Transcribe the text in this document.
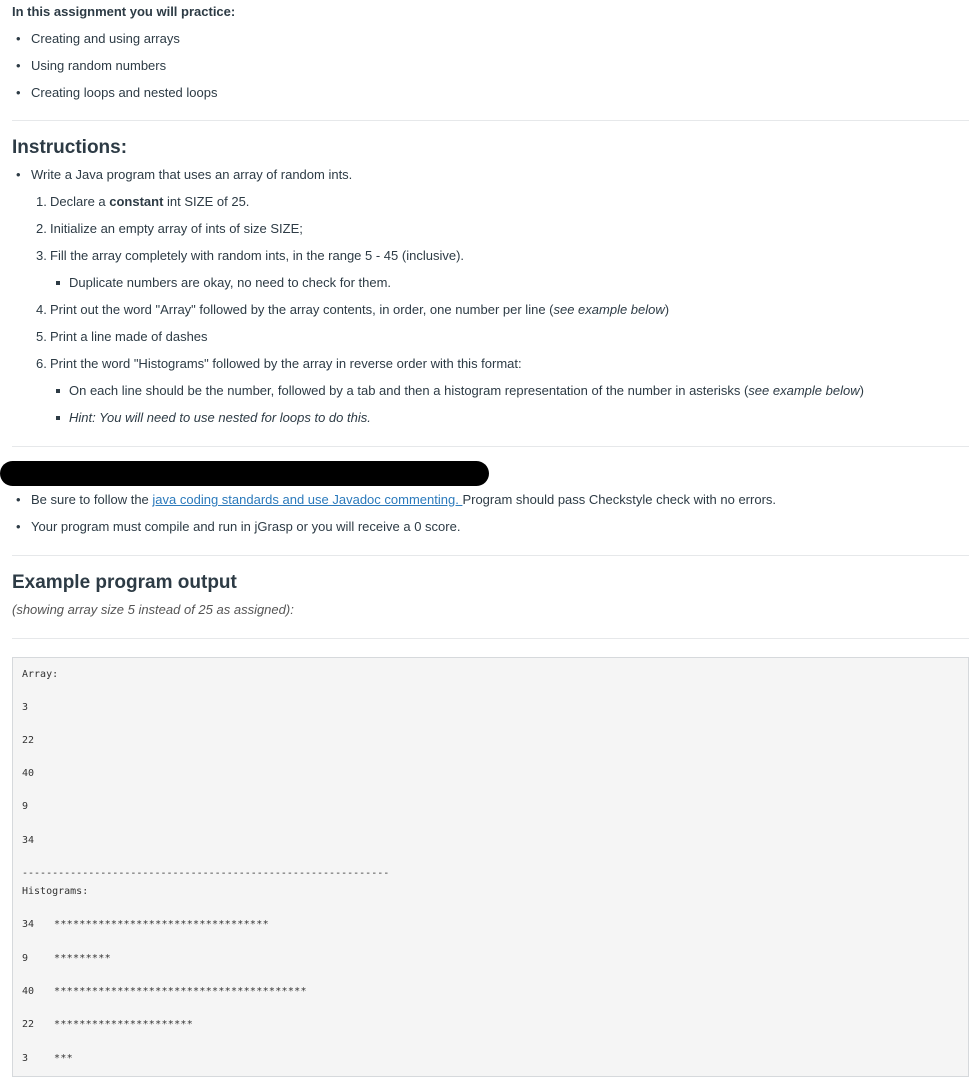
In this assignment you will practice:
• Creating and using arrays
• Using random numbers
• Creating loops and nested loops
Instructions:
• Write a Java program that uses an array of random ints.
1. Declare a constant int SIZE of 25.
2. Initialize an empty array of ints of size SIZE;
3. Fill the array completely with random ints, in the range 5 - 45 (inclusive).
Duplicate numbers are okay, no need to check for them.
4. Print out the word "Array" followed by the array contents, in order, one number per line (see example below)
5. Print a line made of dashes
6. Print the word "Histograms" followed by the array in reverse order with this format:
On each line should be the number, followed by a tab and then a histogram representation of the number in asterisks (see example below)
Hint: You will need to use nested for loops to do this.
• Be sure to follow the java coding standards and use Javadoc commenting. Program should pass Checkstyle check with no errors.
• Your program must compile and run in jGrasp or you will receive a 0 score.
Example program output

(showing array size 5 instead of 25 as assigned):

Array:
3
22
40
9
34
-------------------------------------------------------------
Histograms:
34 **********************************
9	*********
40 ****************************************
22 **********************
3	***
